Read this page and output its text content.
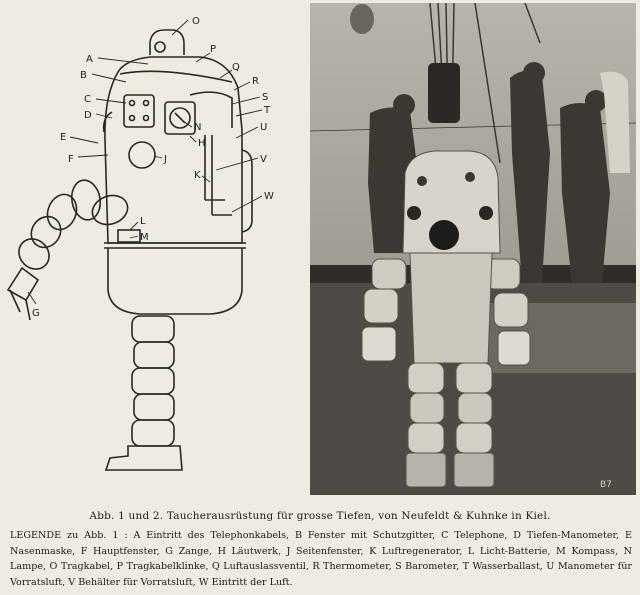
O
A
P
B
Q
R
C	S
D	T
N
H
U
E
F	J	V
K
W
L
M
G
B7
Abb. 1 und 2. Taucherausrüstung für grosse Tiefen, von Neufeldt & Kuhnke in Kiel.
LEGENDE zu Abb. 1 : A Eintritt des Telephonkabels, B Fenster mit Schutzgitter, C Telephone, D Tiefen-Manometer, E Nasenmaske, F Hauptfenster, G Zange, H Läutwerk, J Seitenfenster, K Luftregenerator, L Licht-Batterie, M Kompass, N Lampe, O Tragkabel, P Tragkabelklinke, Q Luftauslassventil, R Thermometer, S Barometer, T Wasserballast, U Manometer für Vorratsluft, V Behälter für Vorratsluft, W Eintritt der Luft.
